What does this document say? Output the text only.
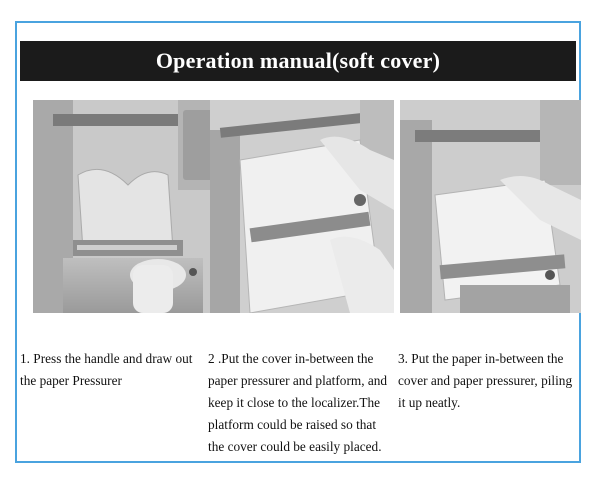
Operation manual(soft cover)

1. Press the handle and draw out the paper Pressurer

2 .Put the cover in-between the paper pressurer and platform, and keep it close to the localizer.The platform could be raised so that the cover could be easily placed.

3. Put the paper in-between the cover and paper pressurer, piling it up neatly.
